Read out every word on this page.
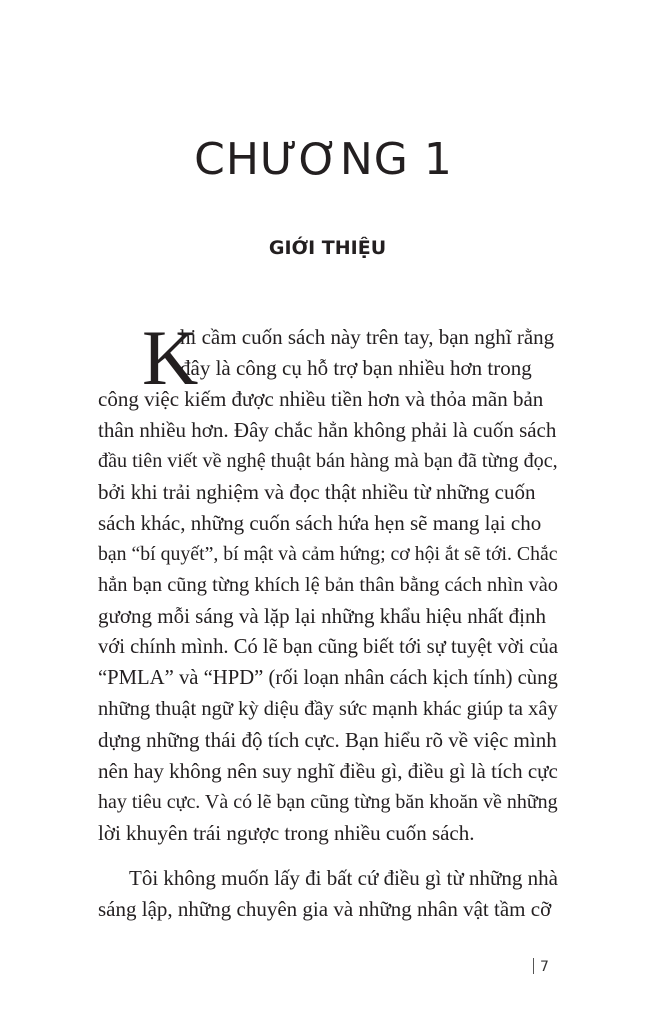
CHƯƠNG 1
GIỚI THIỆU
K
hi cầm cuốn sách này trên tay, bạn nghĩ rằng
đây là công cụ hỗ trợ bạn nhiều hơn trong
công việc kiếm được nhiều tiền hơn và thỏa mãn bản
thân nhiều hơn. Đây chắc hẳn không phải là cuốn sách
đầu tiên viết về nghệ thuật bán hàng mà bạn đã từng đọc,
bởi khi trải nghiệm và đọc thật nhiều từ những cuốn
sách khác, những cuốn sách hứa hẹn sẽ mang lại cho
bạn “bí quyết”, bí mật và cảm hứng; cơ hội ắt sẽ tới. Chắc
hẳn bạn cũng từng khích lệ bản thân bằng cách nhìn vào
gương mỗi sáng và lặp lại những khẩu hiệu nhất định
với chính mình. Có lẽ bạn cũng biết tới sự tuyệt vời của
“PMLA” và “HPD” (rối loạn nhân cách kịch tính) cùng
những thuật ngữ kỳ diệu đầy sức mạnh khác giúp ta xây
dựng những thái độ tích cực. Bạn hiểu rõ về việc mình
nên hay không nên suy nghĩ điều gì, điều gì là tích cực
hay tiêu cực. Và có lẽ bạn cũng từng băn khoăn về những
lời khuyên trái ngược trong nhiều cuốn sách.
Tôi không muốn lấy đi bất cứ điều gì từ những nhà
sáng lập, những chuyên gia và những nhân vật tầm cỡ
7
